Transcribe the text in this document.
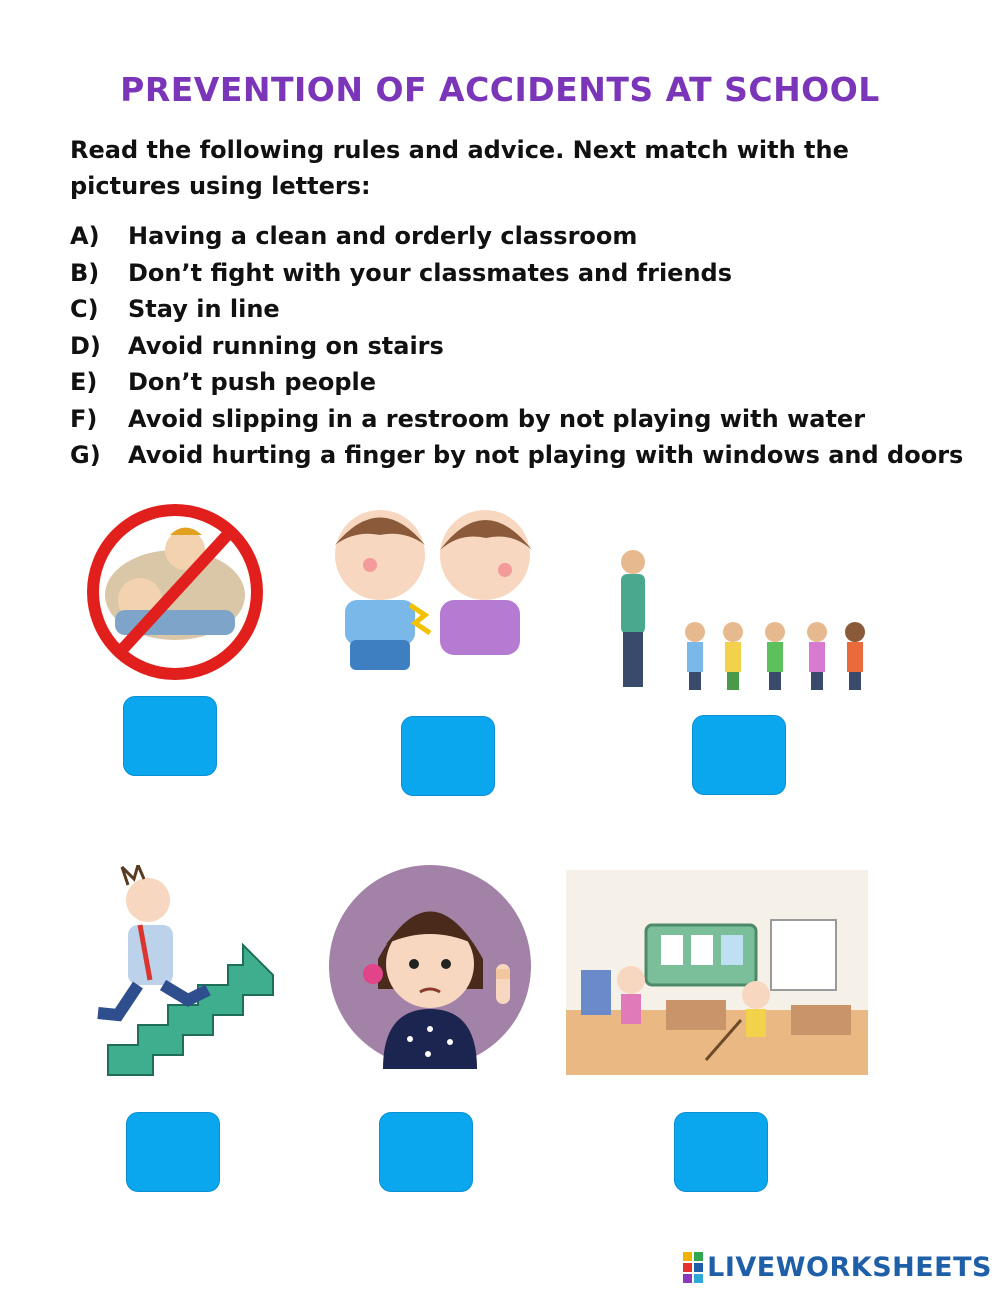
PREVENTION OF ACCIDENTS AT SCHOOL
Read the following rules and advice. Next match with the pictures using letters:
A)	Having a clean and orderly classroom
B)	Don’t fight with your classmates and friends
C)	Stay in line
D)	Avoid running on stairs
E)	Don’t push people
F)	Avoid slipping in a restroom by not playing with water
G)	Avoid hurting a finger by not playing with windows and doors
LIVEWORKSHEETS
